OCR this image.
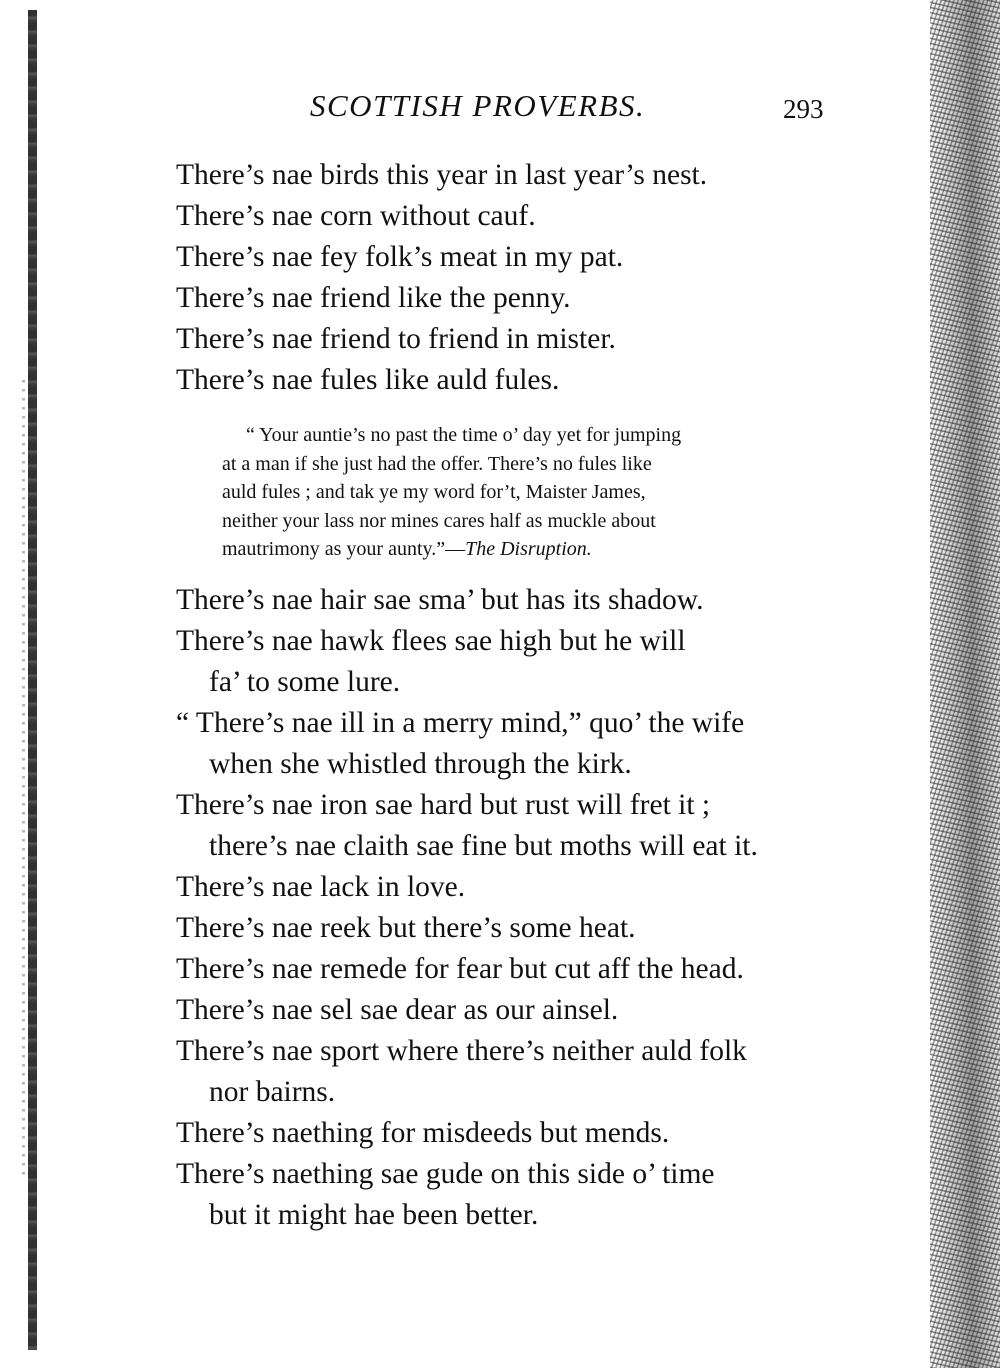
SCOTTISH PROVERBS.	293
There’s nae birds this year in last year’s nest.
There’s nae corn without cauf.
There’s nae fey folk’s meat in my pat.
There’s nae friend like the penny.
There’s nae friend to friend in mister.
There’s nae fules like auld fules.
“ Your auntie’s no past the time o’ day yet for jumping
at a man if she just had the offer. There’s no fules like
auld fules ; and tak ye my word for’t, Maister James,
neither your lass nor mines cares half as muckle about
mautrimony as your aunty.”—The Disruption.
There’s nae hair sae sma’ but has its shadow.
There’s nae hawk flees sae high but he will
fa’ to some lure.
“ There’s nae ill in a merry mind,” quo’ the wife
when she whistled through the kirk.
There’s nae iron sae hard but rust will fret it ;
there’s nae claith sae fine but moths will eat it.
There’s nae lack in love.
There’s nae reek but there’s some heat.
There’s nae remede for fear but cut aff the head.
There’s nae sel sae dear as our ainsel.
There’s nae sport where there’s neither auld folk
nor bairns.
There’s naething for misdeeds but mends.
There’s naething sae gude on this side o’ time
but it might hae been better.
